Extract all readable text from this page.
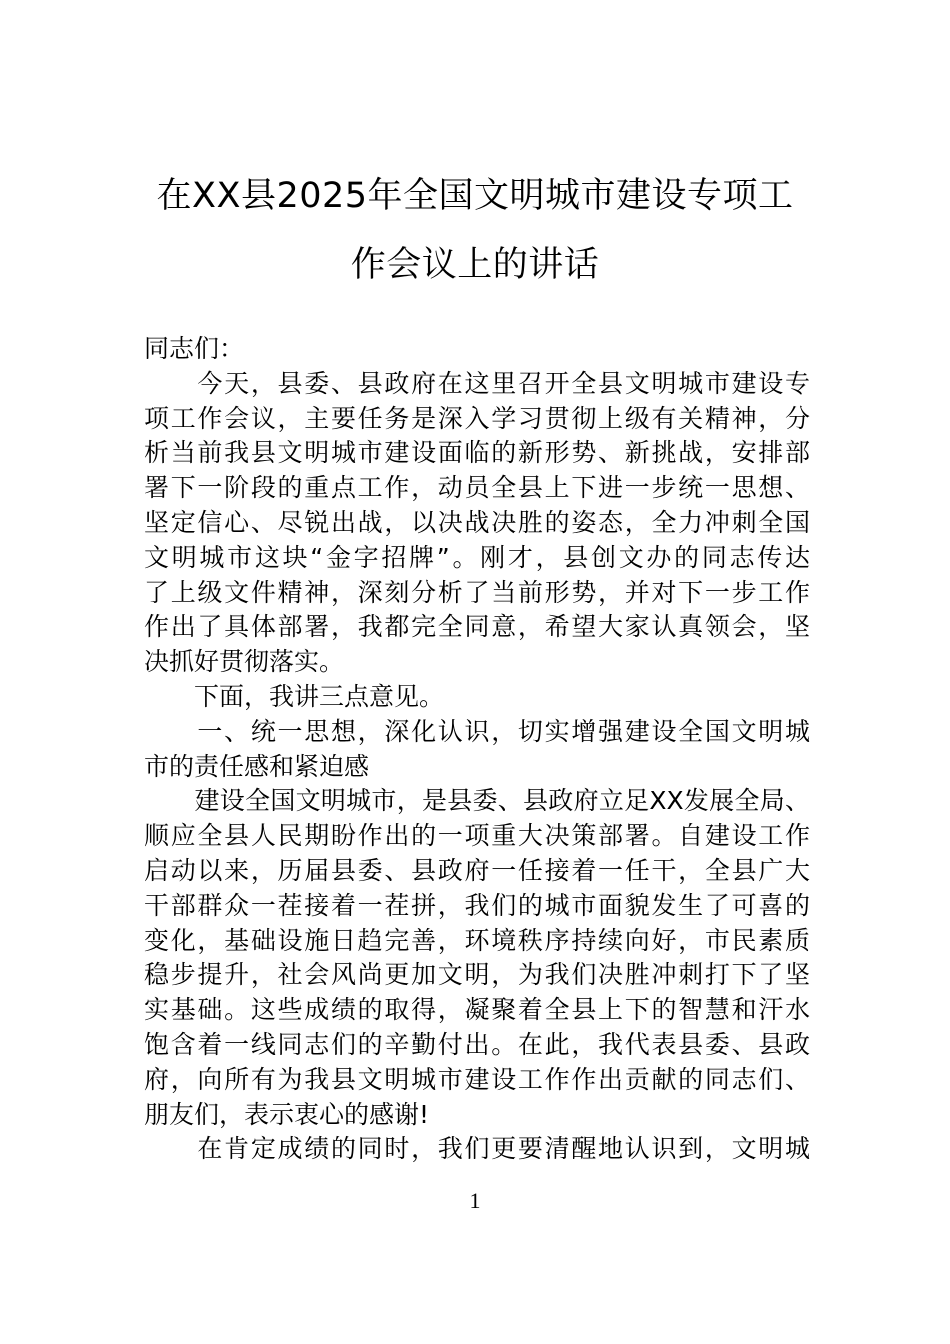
在XX县2025年全国文明城市建设专项工
作会议上的讲话
同志们：
　　今天，县委、县政府在这里召开全县文明城市建设专
项工作会议，主要任务是深入学习贯彻上级有关精神，分
析当前我县文明城市建设面临的新形势、新挑战，安排部
署下一阶段的重点工作，动员全县上下进一步统一思想、
坚定信心、尽锐出战，以决战决胜的姿态，全力冲刺全国
文明城市这块“金字招牌”。刚才，县创文办的同志传达
了上级文件精神，深刻分析了当前形势，并对下一步工作
作出了具体部署，我都完全同意，希望大家认真领会，坚
决抓好贯彻落实。
　　下面，我讲三点意见。
　　一、统一思想，深化认识，切实增强建设全国文明城
市的责任感和紧迫感
　　建设全国文明城市，是县委、县政府立足XX发展全局、
顺应全县人民期盼作出的一项重大决策部署。自建设工作
启动以来，历届县委、县政府一任接着一任干，全县广大
干部群众一茬接着一茬拼，我们的城市面貌发生了可喜的
变化，基础设施日趋完善，环境秩序持续向好，市民素质
稳步提升，社会风尚更加文明，为我们决胜冲刺打下了坚
实基础。这些成绩的取得，凝聚着全县上下的智慧和汗水
饱含着一线同志们的辛勤付出。在此，我代表县委、县政
府，向所有为我县文明城市建设工作作出贡献的同志们、
朋友们，表示衷心的感谢!
　　在肯定成绩的同时，我们更要清醒地认识到，文明城
1
